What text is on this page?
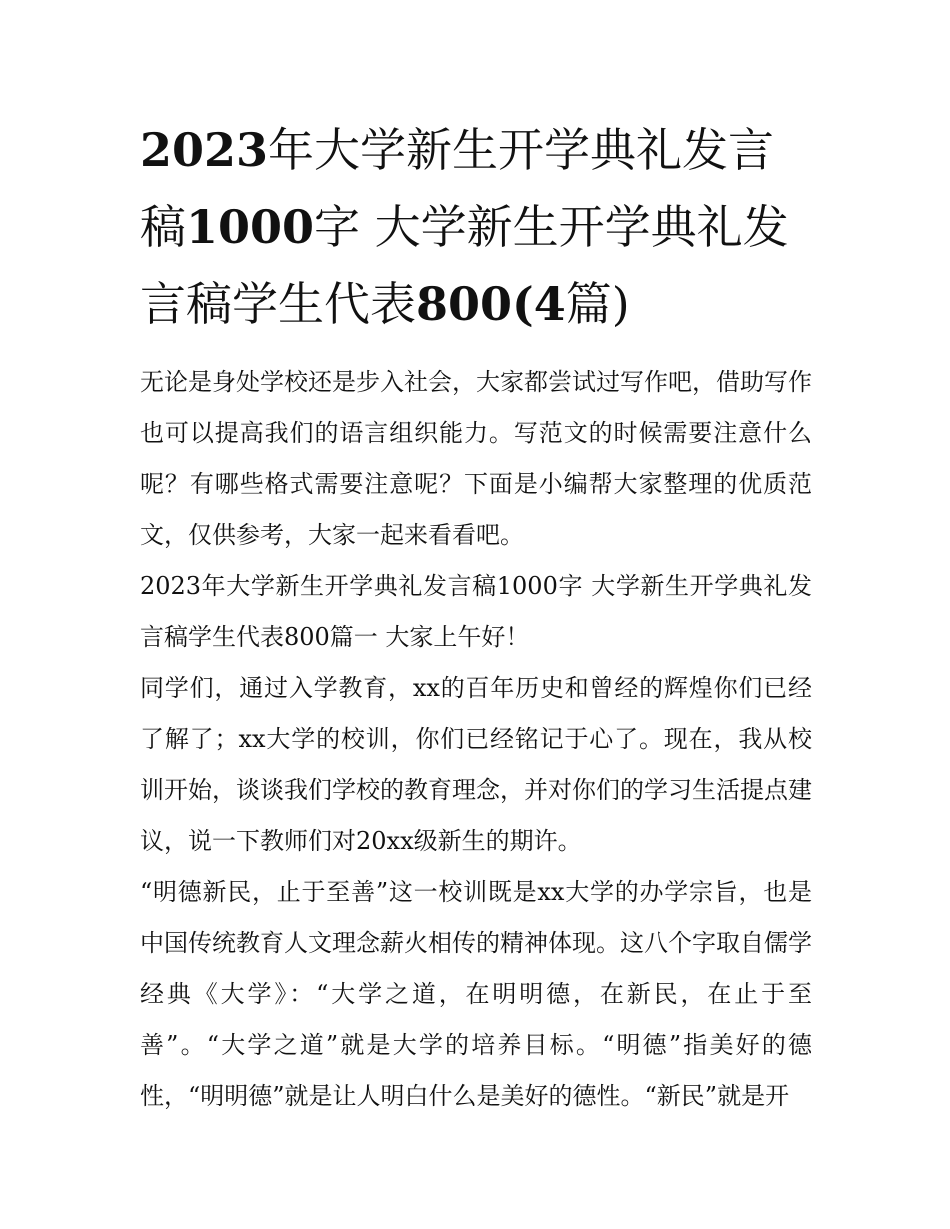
2023年大学新生开学典礼发言稿1000字 大学新生开学典礼发言稿学生代表800(4篇)

无论是身处学校还是步入社会，大家都尝试过写作吧，借助写作也可以提高我们的语言组织能力。写范文的时候需要注意什么呢？有哪些格式需要注意呢？下面是小编帮大家整理的优质范文，仅供参考，大家一起来看看吧。

2023年大学新生开学典礼发言稿1000字 大学新生开学典礼发言稿学生代表800篇一 大家上午好！

同学们，通过入学教育，xx的百年历史和曾经的辉煌你们已经了解了；xx大学的校训，你们已经铭记于心了。现在，我从校训开始，谈谈我们学校的教育理念，并对你们的学习生活提点建议，说一下教师们对20xx级新生的期许。

“明德新民，止于至善”这一校训既是xx大学的办学宗旨，也是中国传统教育人文理念薪火相传的精神体现。这八个字取自儒学经典《大学》：“大学之道，在明明德，在新民，在止于至善”。“大学之道”就是大学的培养目标。“明德”指美好的德性，“明明德”就是让人明白什么是美好的德性。“新民”就是开
